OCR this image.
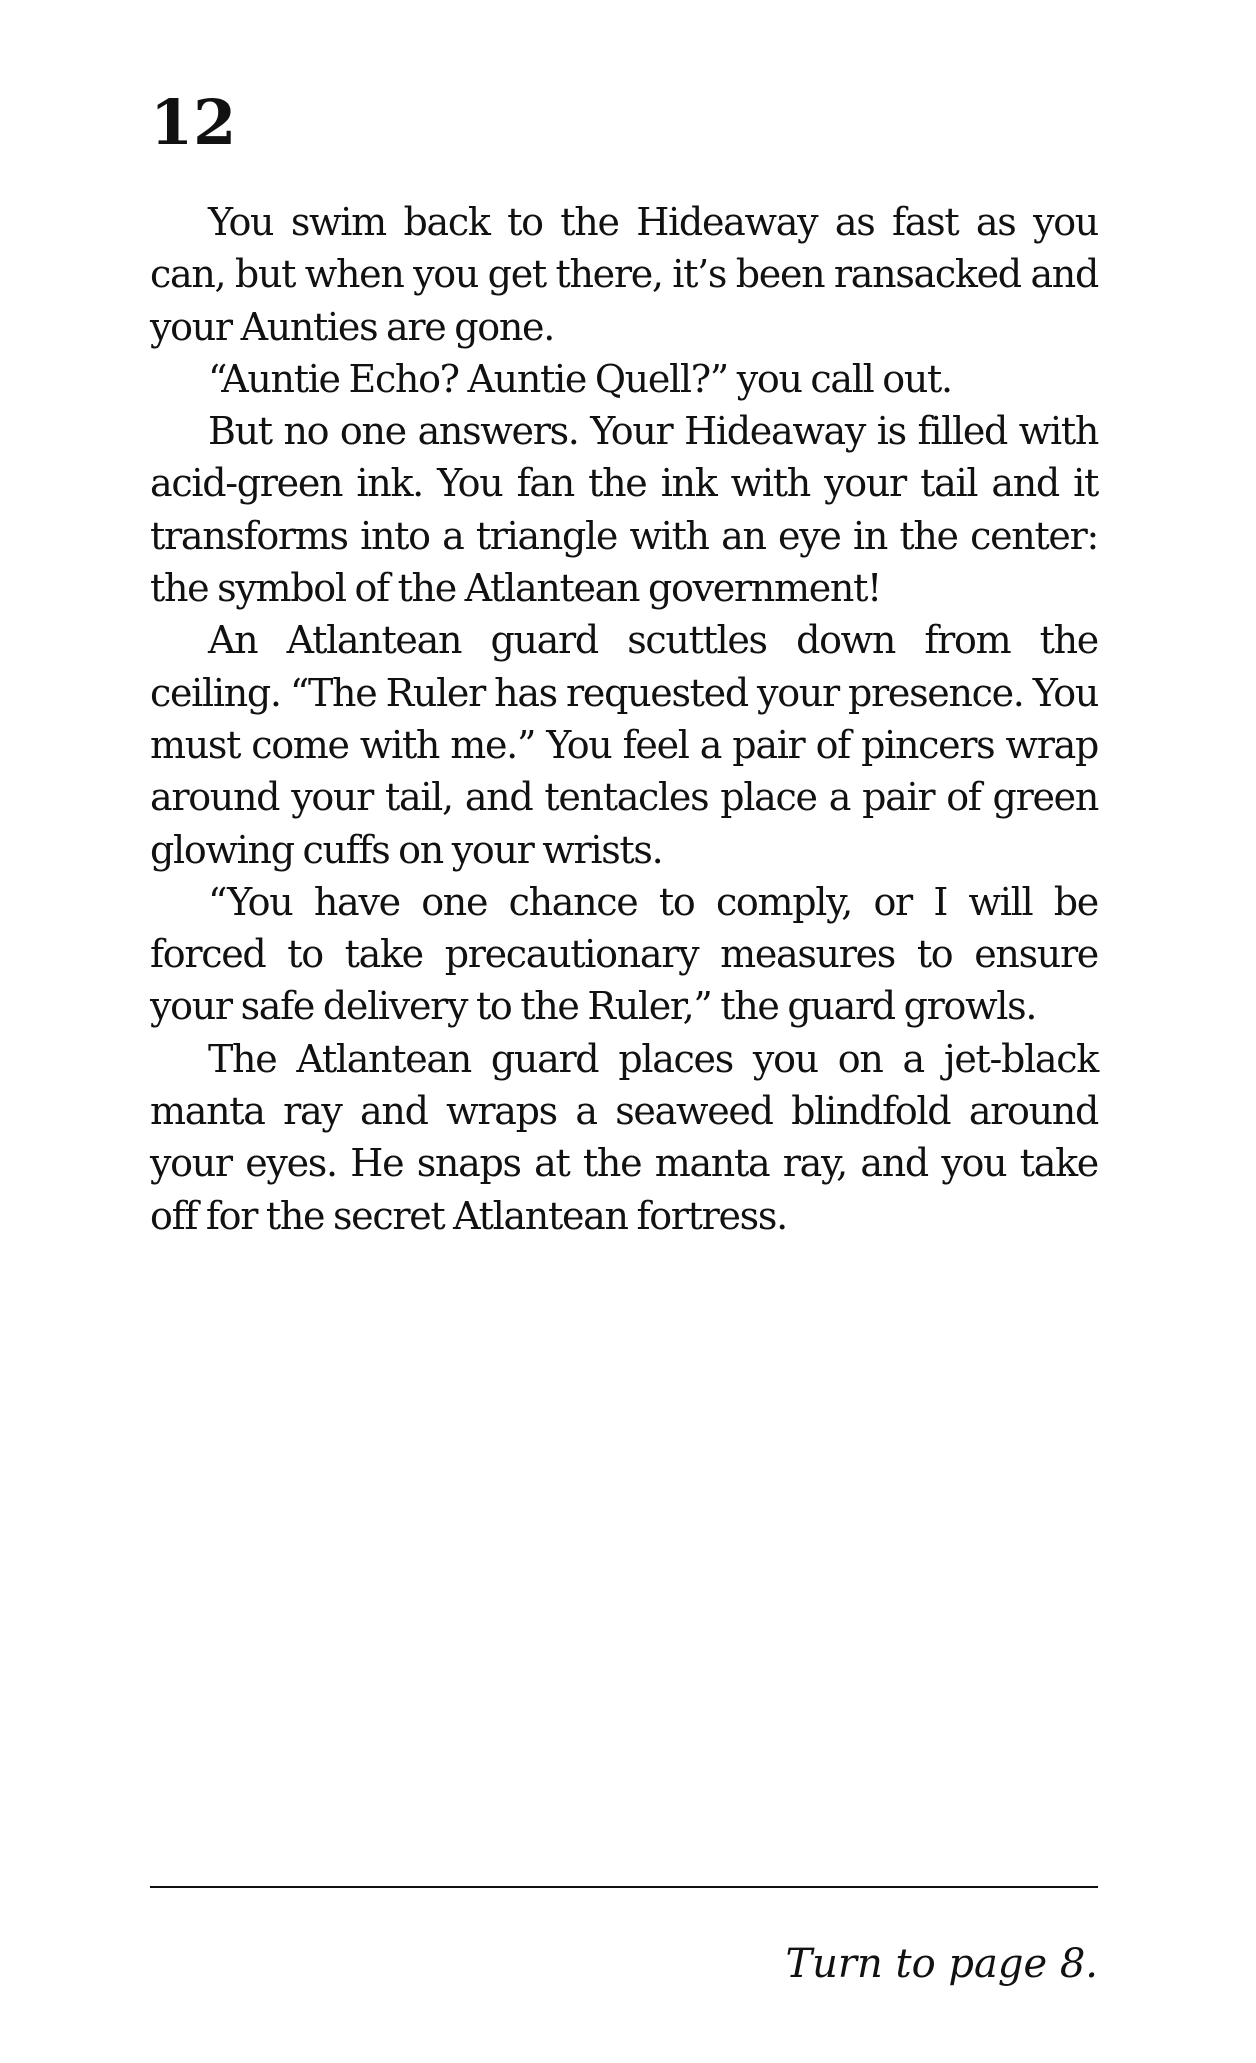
12

You swim back to the Hideaway as fast as you can, but when you get there, it’s been ransacked and your Aunties are gone.

“Auntie Echo? Auntie Quell?” you call out.

But no one answers. Your Hideaway is filled with acid-green ink. You fan the ink with your tail and it transforms into a triangle with an eye in the center: the symbol of the Atlantean government!

An Atlantean guard scuttles down from the ceiling. “The Ruler has requested your presence. You must come with me.” You feel a pair of pincers wrap around your tail, and tentacles place a pair of green glowing cuffs on your wrists.

“You have one chance to comply, or I will be forced to take precautionary measures to ensure your safe delivery to the Ruler,” the guard growls.

The Atlantean guard places you on a jet-black manta ray and wraps a seaweed blindfold around your eyes. He snaps at the manta ray, and you take off for the secret Atlantean fortress.

Turn to page 8.
